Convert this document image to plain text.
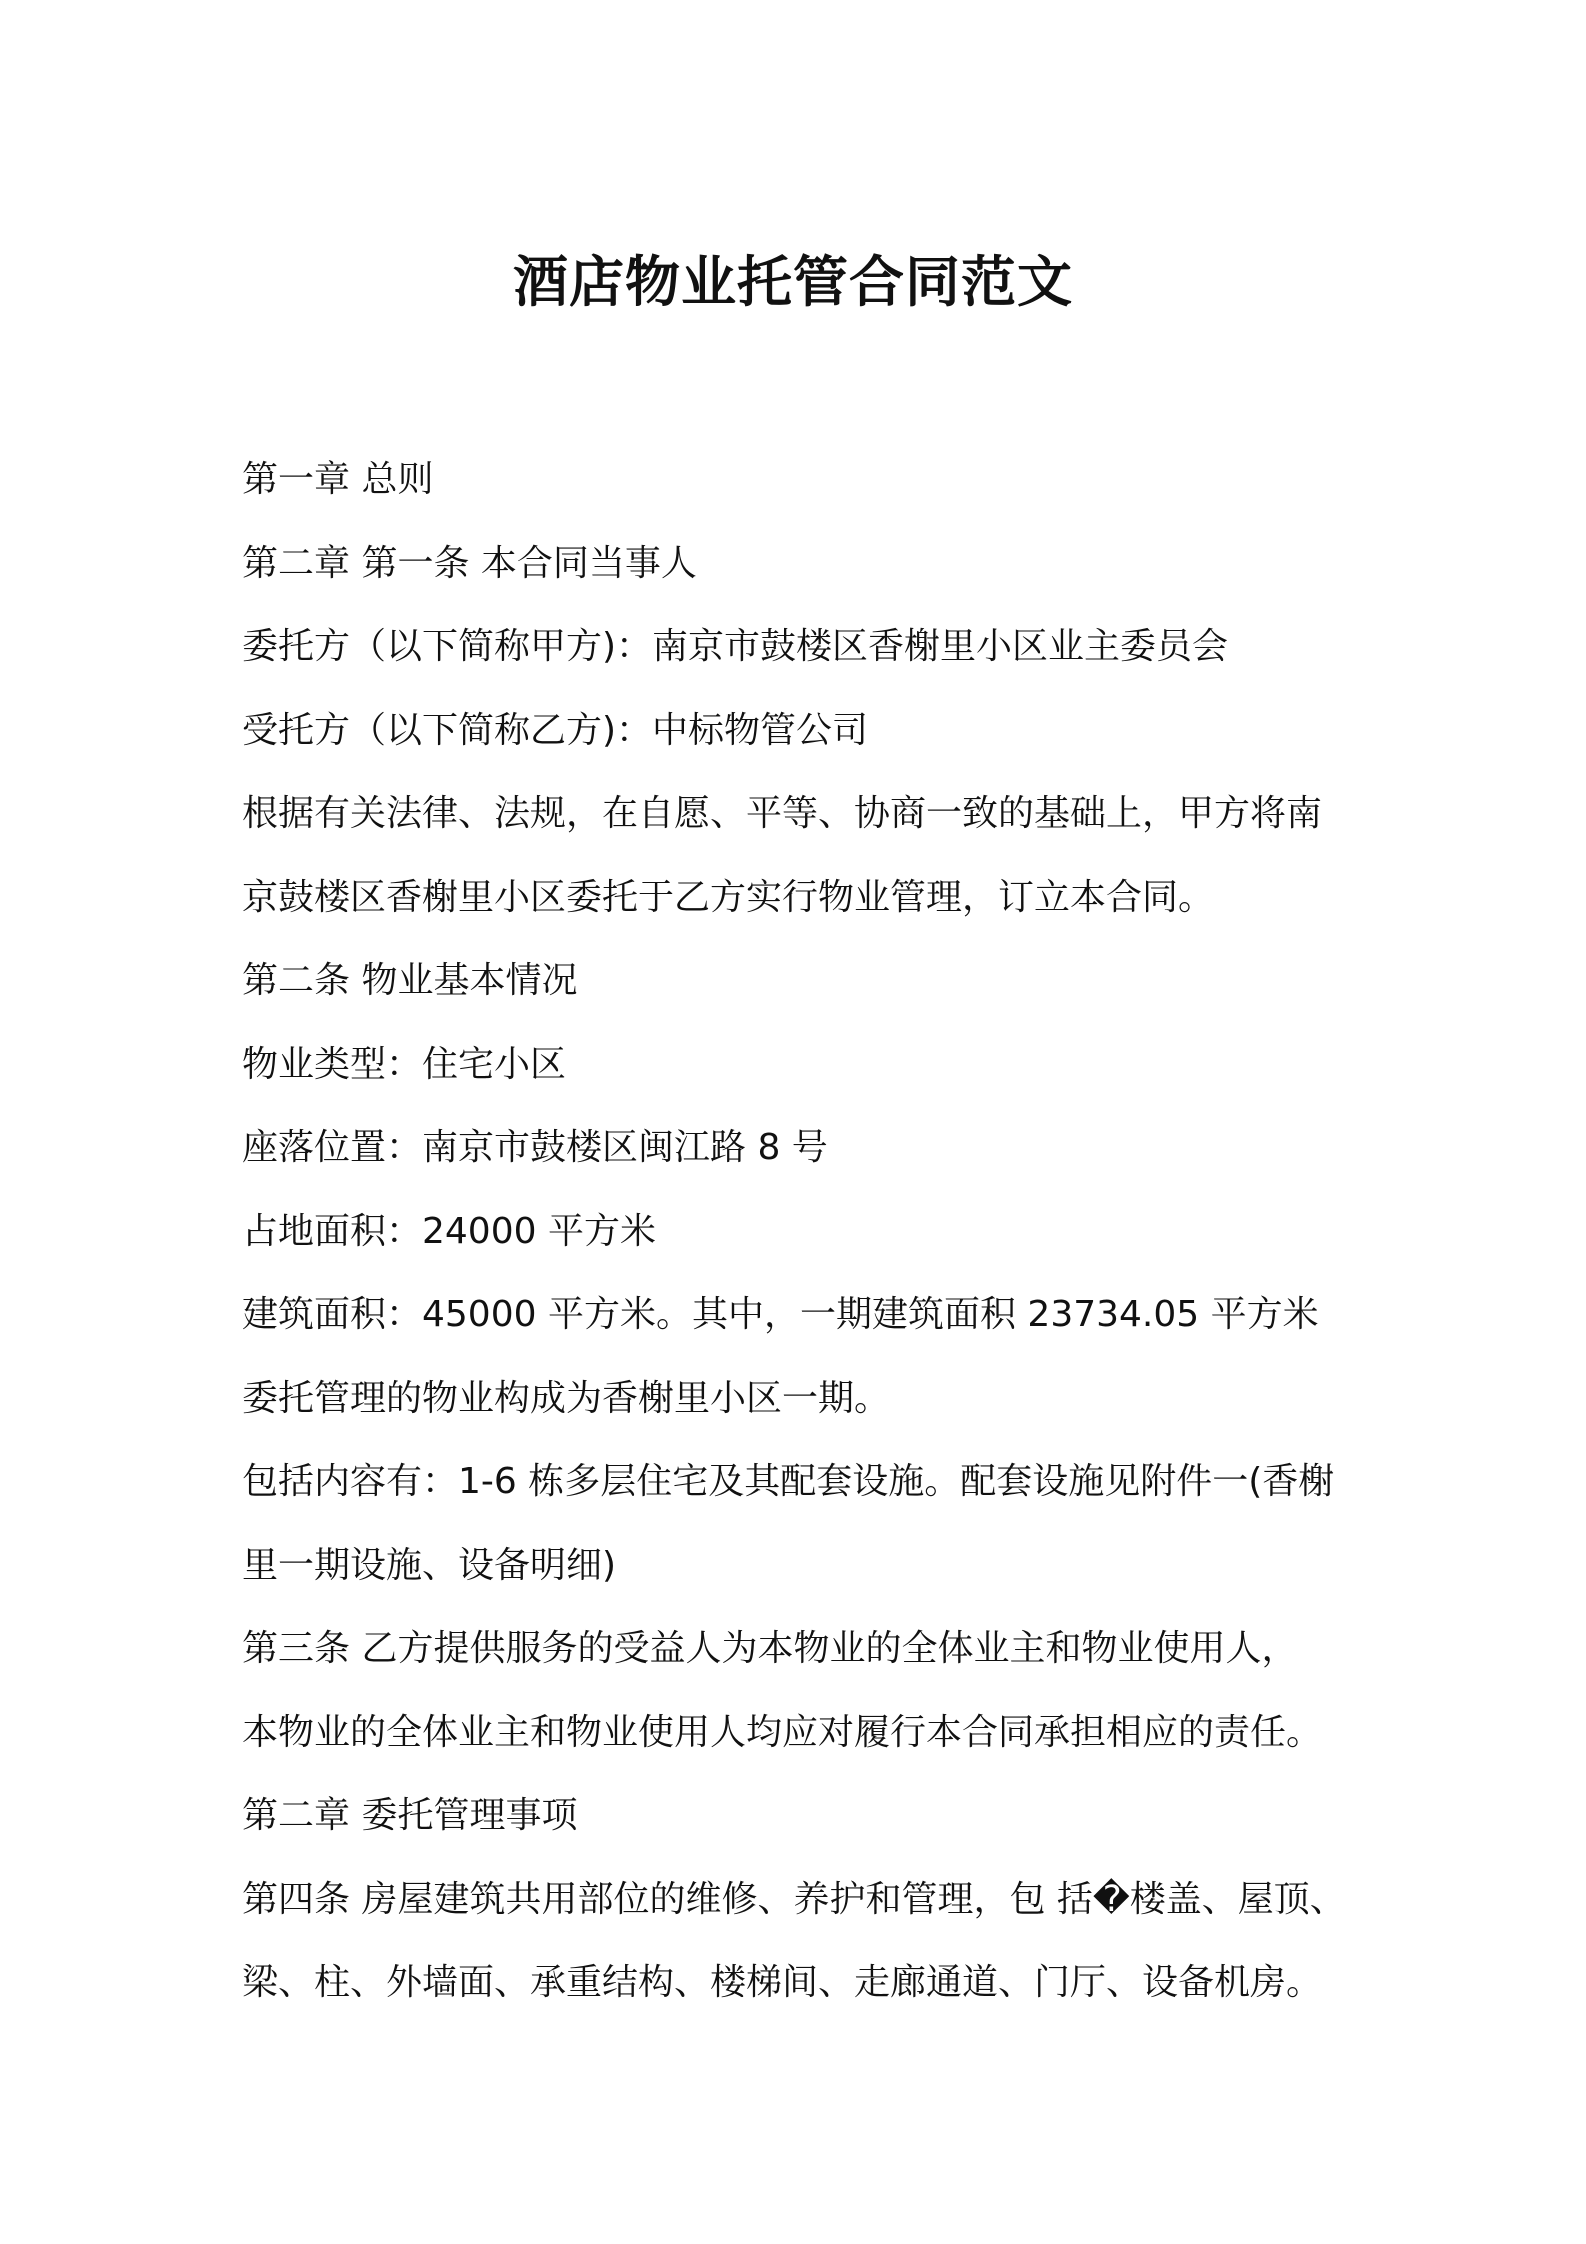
酒店物业托管合同范文
第一章 总则
第二章 第一条 本合同当事人
委托方（以下简称甲方)：南京市鼓楼区香榭里小区业主委员会
受托方（以下简称乙方)：中标物管公司
根据有关法律、法规，在自愿、平等、协商一致的基础上，甲方将南
京鼓楼区香榭里小区委托于乙方实行物业管理，订立本合同。
第二条 物业基本情况
物业类型：住宅小区
座落位置：南京市鼓楼区闽江路 8 号
占地面积：24000 平方米
建筑面积：45000 平方米。其中，一期建筑面积 23734.05 平方米
委托管理的物业构成为香榭里小区一期。
包括内容有：1-6 栋多层住宅及其配套设施。配套设施见附件一(香榭
里一期设施、设备明细)
第三条 乙方提供服务的受益人为本物业的全体业主和物业使用人，
本物业的全体业主和物业使用人均应对履行本合同承担相应的责任。
第二章 委托管理事项
第四条 房屋建筑共用部位的维修、养护和管理，包 括�楼盖、屋顶、
梁、柱、外墙面、承重结构、楼梯间、走廊通道、门厅、设备机房。
